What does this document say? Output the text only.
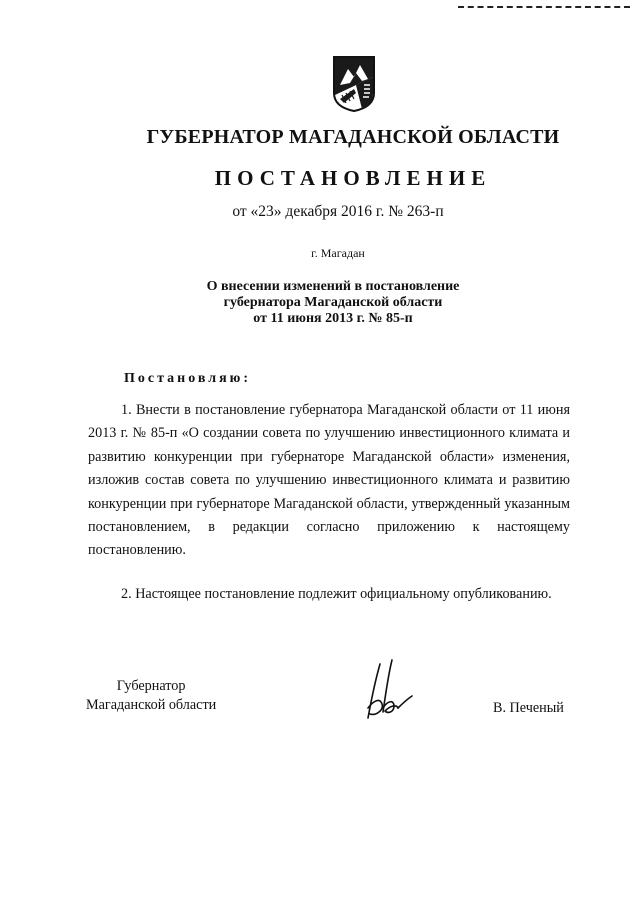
ГУБЕРНАТОР МАГАДАНСКОЙ ОБЛАСТИ
ПОСТАНОВЛЕНИЕ
от «23» декабря 2016 г. № 263-п
г. Магадан
О внесении изменений в постановление
губернатора Магаданской области
от 11 июня 2013 г. № 85-п
Постановляю:
1. Внести в постановление губернатора Магаданской области от 11 июня 2013 г. № 85-п «О создании совета по улучшению инвестиционного климата и развитию конкуренции при губернаторе Магаданской области» изменения, изложив состав совета по улучшению инвестиционного климата и развитию конкуренции при губернаторе Магаданской области, утвержденный указанным постановлением, в редакции согласно приложению к настоящему постановлению.
2. Настоящее постановление подлежит официальному опубликованию.
Губернатор
Магаданской области	В. Печеный
